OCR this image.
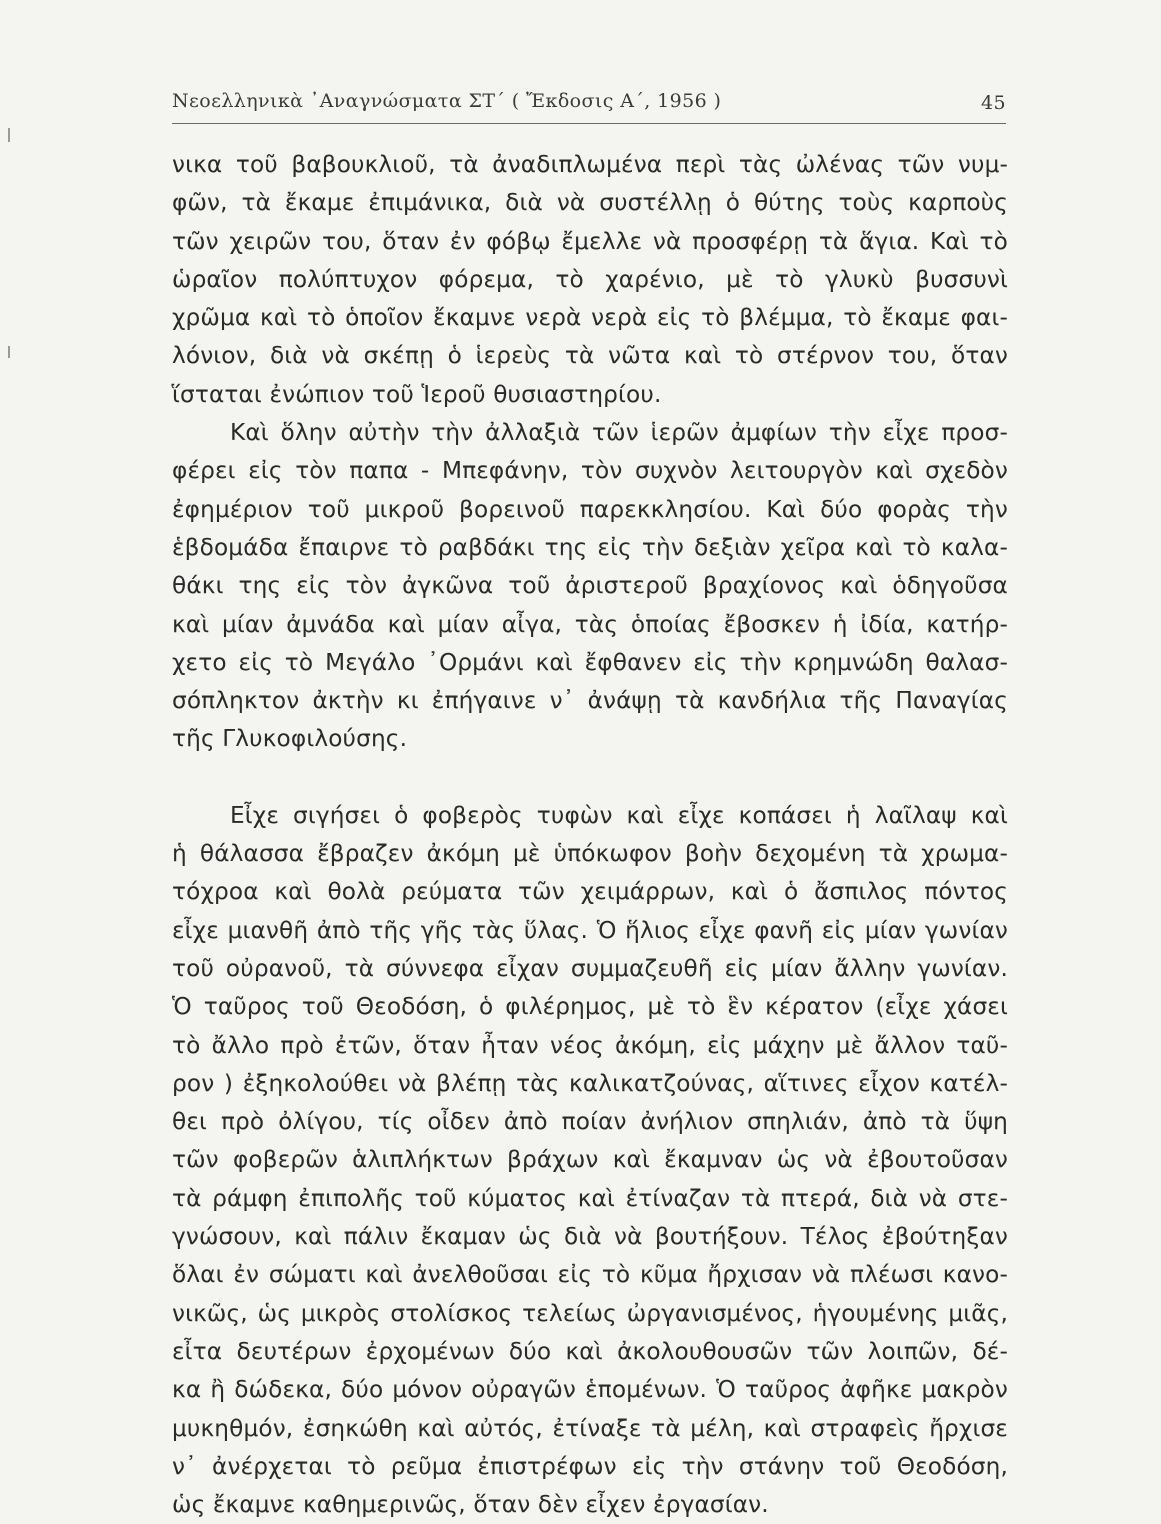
Νεοελληνικὰ ᾿Αναγνώσματα ΣΤ΄ ( Ἔκδοσις Α΄, 1956 )	45
νικα τοῦ βαβουκλιοῦ, τὰ ἀναδιπλωμένα περὶ τὰς ὠλένας τῶν νυμ-
φῶν, τὰ ἔκαμε ἐπιμάνικα, διὰ νὰ συστέλλῃ ὁ θύτης τοὺς καρποὺς
τῶν χειρῶν του, ὅταν ἐν φόβῳ ἔμελλε νὰ προσφέρῃ τὰ ἅγια. Καὶ τὸ
ὡραῖον πολύπτυχον φόρεμα, τὸ χαρένιο, μὲ τὸ γλυκὺ βυσσυνὶ
χρῶμα καὶ τὸ ὁποῖον ἔκαμνε νερὰ νερὰ εἰς τὸ βλέμμα, τὸ ἔκαμε φαι-
λόνιον, διὰ νὰ σκέπῃ ὁ ἱερεὺς τὰ νῶτα καὶ τὸ στέρνον του, ὅταν
ἵσταται ἐνώπιον τοῦ Ἱεροῦ θυσιαστηρίου.
Καὶ ὅλην αὐτὴν τὴν ἀλλαξιὰ τῶν ἱερῶν ἀμφίων τὴν εἶχε προσ-
φέρει εἰς τὸν παπα - Μπεφάνην, τὸν συχνὸν λειτουργὸν καὶ σχεδὸν
ἐφημέριον τοῦ μικροῦ βορεινοῦ παρεκκλησίου. Καὶ δύο φορὰς τὴν
ἑβδομάδα ἔπαιρνε τὸ ραβδάκι της εἰς τὴν δεξιὰν χεῖρα καὶ τὸ καλα-
θάκι της εἰς τὸν ἀγκῶνα τοῦ ἀριστεροῦ βραχίονος καὶ ὁδηγοῦσα
καὶ μίαν ἀμνάδα καὶ μίαν αἶγα, τὰς ὁποίας ἔβοσκεν ἡ ἰδία, κατήρ-
χετο εἰς τὸ Μεγάλο ᾿Ορμάνι καὶ ἔφθανεν εἰς τὴν κρημνώδη θαλασ-
σόπληκτον ἀκτὴν κι ἐπήγαινε ν᾿ ἀνάψῃ τὰ κανδήλια τῆς Παναγίας
τῆς Γλυκοφιλούσης.
Εἶχε σιγήσει ὁ φοβερὸς τυφὼν καὶ εἶχε κοπάσει ἡ λαῖλαψ καὶ
ἡ θάλασσα ἔβραζεν ἀκόμη μὲ ὑπόκωφον βοὴν δεχομένη τὰ χρωμα-
τόχροα καὶ θολὰ ρεύματα τῶν χειμάρρων, καὶ ὁ ἄσπιλος πόντος
εἶχε μιανθῆ ἀπὸ τῆς γῆς τὰς ὕλας. Ὁ ἥλιος εἶχε φανῆ εἰς μίαν γωνίαν
τοῦ οὐρανοῦ, τὰ σύννεφα εἶχαν συμμαζευθῆ εἰς μίαν ἄλλην γωνίαν.
Ὁ ταῦρος τοῦ Θεοδόση, ὁ φιλέρημος, μὲ τὸ ἓν κέρατον (εἶχε χάσει
τὸ ἄλλο πρὸ ἐτῶν, ὅταν ἦταν νέος ἀκόμη, εἰς μάχην μὲ ἄλλον ταῦ-
ρον ) ἐξηκολούθει νὰ βλέπῃ τὰς καλικατζούνας, αἵτινες εἶχον κατέλ-
θει πρὸ ὀλίγου, τίς οἶδεν ἀπὸ ποίαν ἀνήλιον σπηλιάν, ἀπὸ τὰ ὕψη
τῶν φοβερῶν ἁλιπλήκτων βράχων καὶ ἔκαμναν ὡς νὰ ἐβουτοῦσαν
τὰ ράμφη ἐπιπολῆς τοῦ κύματος καὶ ἐτίναζαν τὰ πτερά, διὰ νὰ στε-
γνώσουν, καὶ πάλιν ἔκαμαν ὡς διὰ νὰ βουτήξουν. Τέλος ἐβούτηξαν
ὅλαι ἐν σώματι καὶ ἀνελθοῦσαι εἰς τὸ κῦμα ἤρχισαν νὰ πλέωσι κανο-
νικῶς, ὡς μικρὸς στολίσκος τελείως ὠργανισμένος, ἡγουμένης μιᾶς,
εἶτα δευτέρων ἐρχομένων δύο καὶ ἀκολουθουσῶν τῶν λοιπῶν, δέ-
κα ἢ δώδεκα, δύο μόνον οὐραγῶν ἑπομένων. Ὁ ταῦρος ἀφῆκε μακρὸν
μυκηθμόν, ἐσηκώθη καὶ αὐτός, ἐτίναξε τὰ μέλη, καὶ στραφεὶς ἤρχισε
ν᾿ ἀνέρχεται τὸ ρεῦμα ἐπιστρέφων εἰς τὴν στάνην τοῦ Θεοδόση,
ὡς ἔκαμνε καθημερινῶς, ὅταν δὲν εἶχεν ἐργασίαν.
